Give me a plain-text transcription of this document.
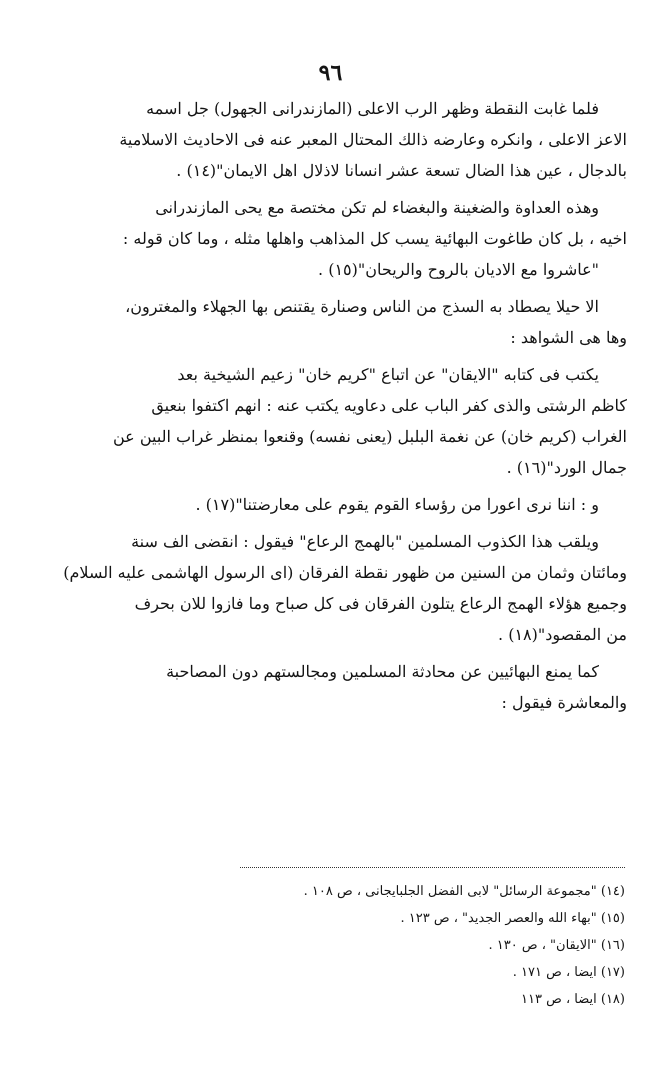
٩٦

فلما غابت النقطة وظهر الرب الاعلى (المازندرانى الجهول) جل اسمه
الاعز الاعلى ، وانكره وعارضه ذالك المحتال المعبر عنه فى الاحاديث الاسلامية
بالدجال ، عين هذا الضال تسعة عشر انسانا لاذلال اهل الايمان"(١٤) .

وهذه العداوة والضغينة والبغضاء لم تكن مختصة مع يحى المازندرانى
اخيه ، بل كان طاغوت البهائية يسب كل المذاهب واهلها مثله ، وما كان قوله :
"عاشروا مع الاديان بالروح والريحان"(١٥) .

الا حيلا يصطاد به السذج من الناس وصنارة يقتنص بها الجهلاء والمغترون،
وها هى الشواهد :

يكتب فى كتابه "الايقان" عن اتباع "كريم خان" زعيم الشيخية بعد
كاظم الرشتى والذى كفر الباب على دعاويه يكتب عنه : انهم اكتفوا بنعيق
الغراب (كريم خان) عن نغمة البلبل (يعنى نفسه) وقنعوا بمنظر غراب البين عن
جمال الورد"(١٦) .

و : اننا نرى اعورا من رؤساء القوم يقوم على معارضتنا"(١٧) .

ويلقب هذا الكذوب المسلمين "بالهمج الرعاع" فيقول : انقضى الف سنة
ومائتان وثمان من السنين من ظهور نقطة الفرقان (اى الرسول الهاشمى عليه السلام)
وجميع هؤلاء الهمج الرعاع يتلون الفرقان فى كل صباح وما فازوا للان بحرف
من المقصود"(١٨) .

كما يمنع البهائيين عن محادثة المسلمين ومجالستهم دون المصاحبة
والمعاشرة فيقول :

(١٤) "مجموعة الرسائل" لابى الفضل الجلبايجانى ، ص ١٠٨ .
(١٥) "بهاء الله والعصر الجديد" ، ص ١٢٣ .
(١٦) "الايقان" ، ص ١٣٠ .
(١٧) ايضا ، ص ١٧١ .
(١٨) ايضا ، ص ١١٣
